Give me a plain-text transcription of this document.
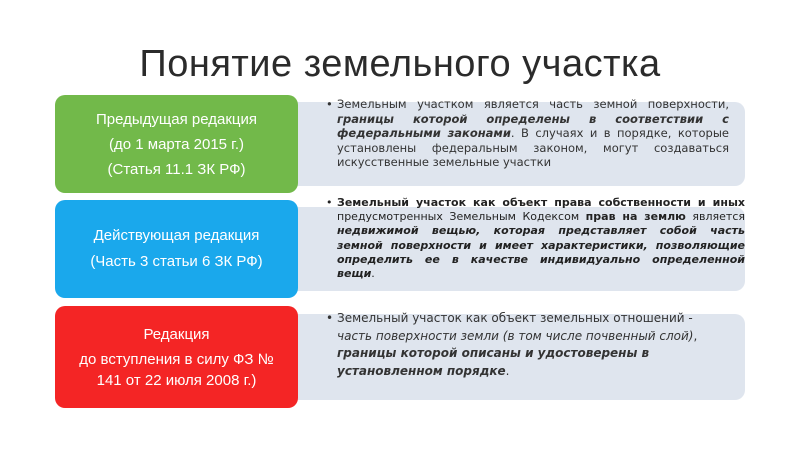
Понятие земельного участка
Предыдущая редакция
(до 1 марта 2015 г.)
(Статья 11.1 ЗК РФ)
• Земельным участком является часть земной поверхности, границы которой определены в соответствии с федеральными законами. В случаях и в порядке, которые установлены федеральным законом, могут создаваться искусственные земельные участки
Действующая редакция
(Часть 3 статьи 6 ЗК РФ)
• Земельный участок как объект права собственности и иных предусмотренных Земельным Кодексом прав на землю является недвижимой вещью, которая представляет собой часть земной поверхности и имеет характеристики, позволяющие определить ее в качестве индивидуально определенной вещи.
Редакция
до вступления в силу ФЗ № 141 от 22 июля 2008 г.)
• Земельный участок как объект земельных отношений - часть поверхности земли (в том числе почвенный слой), границы которой описаны и удостоверены в установленном порядке.
